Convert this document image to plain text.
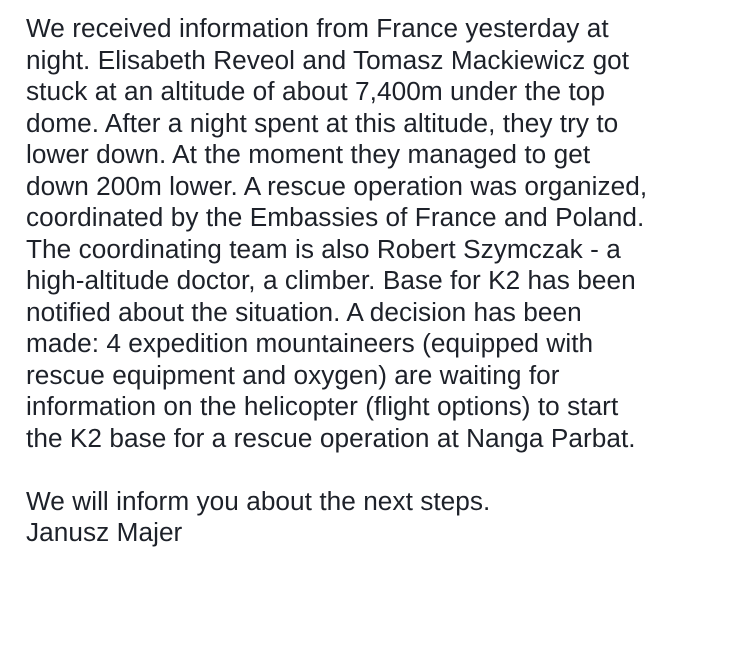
We received information from France yesterday at
night. Elisabeth Reveol and Tomasz Mackiewicz got
stuck at an altitude of about 7,400m under the top
dome. After a night spent at this altitude, they try to
lower down. At the moment they managed to get
down 200m lower. A rescue operation was organized,
coordinated by the Embassies of France and Poland.
The coordinating team is also Robert Szymczak - a
high-altitude doctor, a climber. Base for K2 has been
notified about the situation. A decision has been
made: 4 expedition mountaineers (equipped with
rescue equipment and oxygen) are waiting for
information on the helicopter (flight options) to start
the K2 base for a rescue operation at Nanga Parbat.
We will inform you about the next steps.
Janusz Majer
